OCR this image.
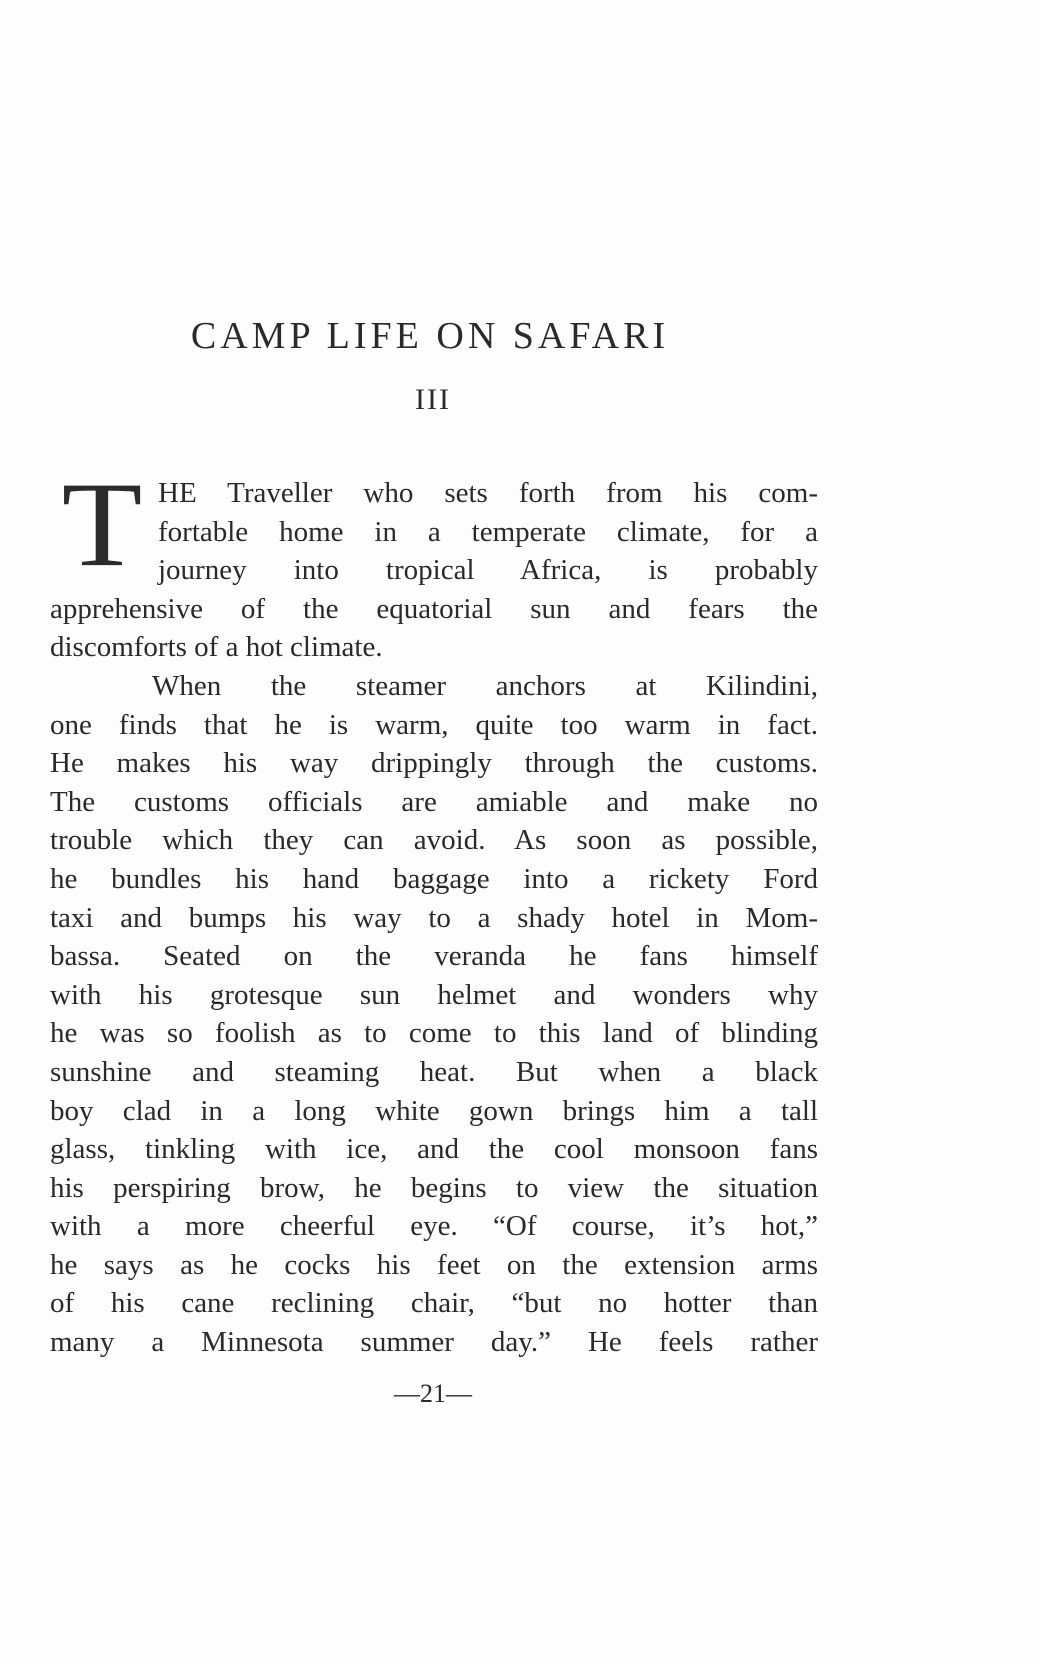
CAMP LIFE ON SAFARI
III
T HE Traveller who sets forth from his com-
fortable home in a temperate climate, for a
journey into tropical Africa, is probably
apprehensive of the equatorial sun and fears the
discomforts of a hot climate.
When the steamer anchors at Kilindini,
one finds that he is warm, quite too warm in fact.
He makes his way drippingly through the customs.
The customs officials are amiable and make no
trouble which they can avoid. As soon as possible,
he bundles his hand baggage into a rickety Ford
taxi and bumps his way to a shady hotel in Mom-
bassa. Seated on the veranda he fans himself
with his grotesque sun helmet and wonders why
he was so foolish as to come to this land of blinding
sunshine and steaming heat. But when a black
boy clad in a long white gown brings him a tall
glass, tinkling with ice, and the cool monsoon fans
his perspiring brow, he begins to view the situation
with a more cheerful eye. “Of course, it’s hot,”
he says as he cocks his feet on the extension arms
of his cane reclining chair, “but no hotter than
many a Minnesota summer day.” He feels rather
—21—
